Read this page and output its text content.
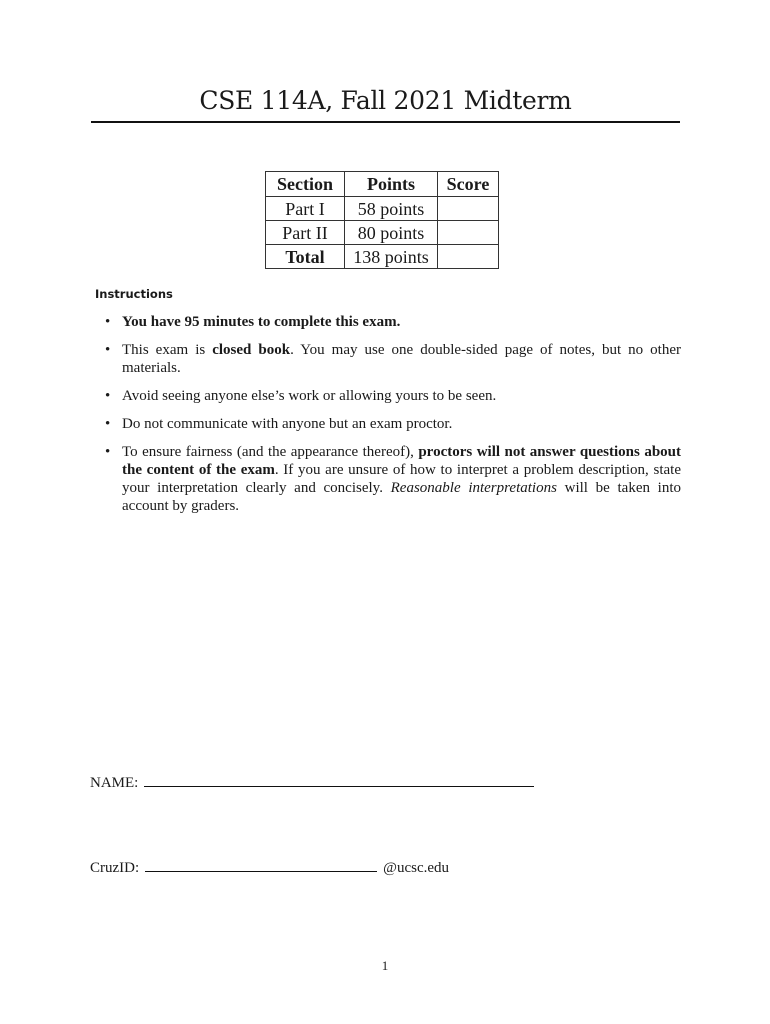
CSE 114A, Fall 2021 Midterm
Section	Points	Score
Part I	58 points	
Part II	80 points	
Total	138 points	
Instructions
• You have 95 minutes to complete this exam.
• This exam is closed book. You may use one double-sided page of notes, but no other materials.
• Avoid seeing anyone else’s work or allowing yours to be seen.
• Do not communicate with anyone but an exam proctor.
• To ensure fairness (and the appearance thereof), proctors will not answer questions about the content of the exam. If you are unsure of how to interpret a problem description, state your interpretation clearly and concisely. Reasonable interpretations will be taken into account by graders.
NAME:
CruzID:	@ucsc.edu
1
